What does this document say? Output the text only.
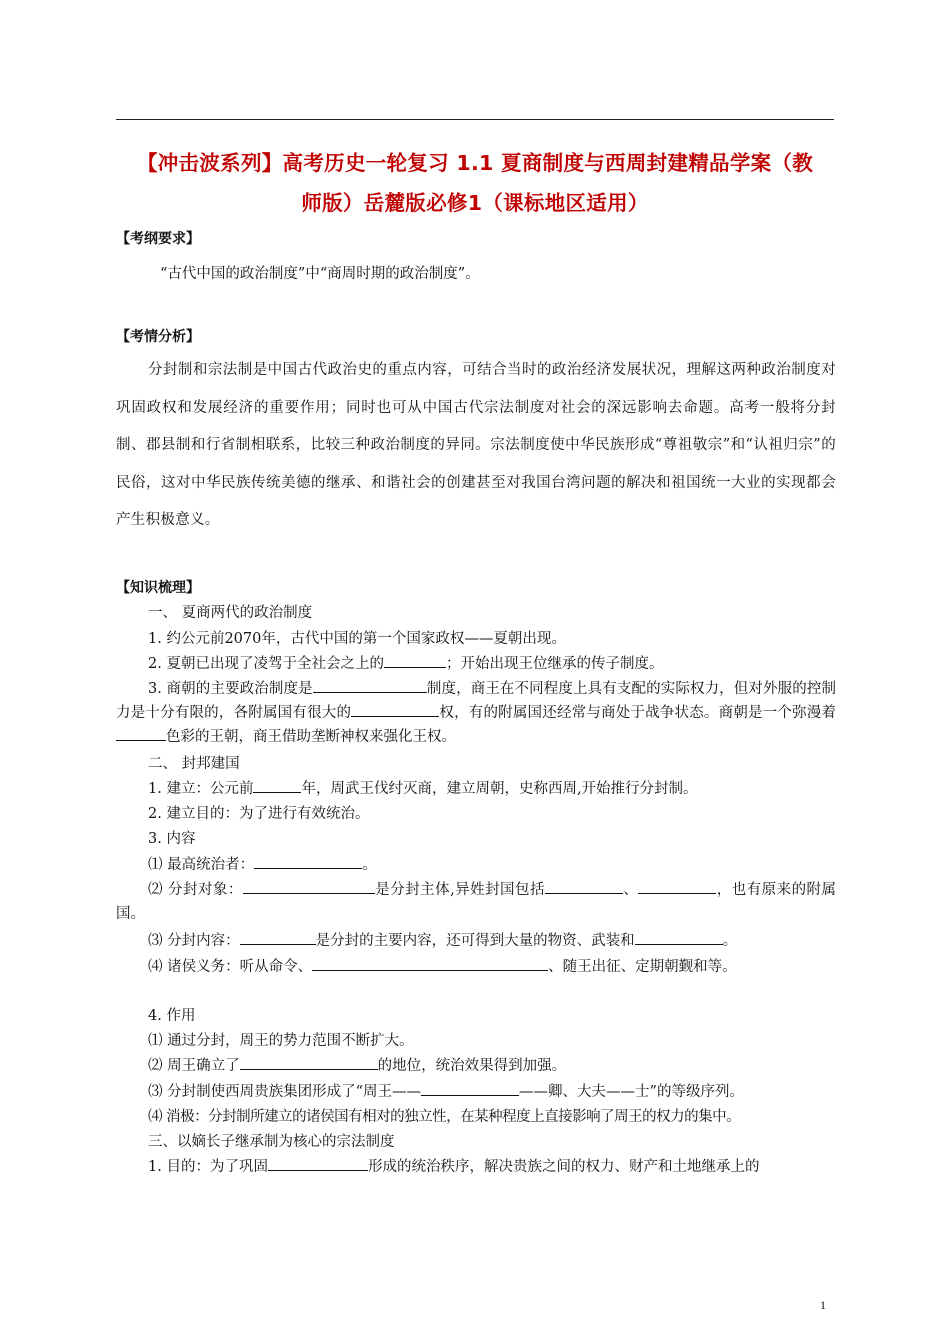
【冲击波系列】高考历史一轮复习 1.1 夏商制度与西周封建精品学案（教
师版）岳麓版必修1（课标地区适用）
【考纲要求】
“古代中国的政治制度”中“商周时期的政治制度”。
【考情分析】
分封制和宗法制是中国古代政治史的重点内容，可结合当时的政治经济发展状况，理解这两种政治制度对巩固政权和发展经济的重要作用；同时也可从中国古代宗法制度对社会的深远影响去命题。高考一般将分封制、郡县制和行省制相联系，比较三种政治制度的异同。宗法制度使中华民族形成“尊祖敬宗”和“认祖归宗”的民俗，这对中华民族传统美德的继承、和谐社会的创建甚至对我国台湾问题的解决和祖国统一大业的实现都会产生积极意义。
【知识梳理】
一、 夏商两代的政治制度
1. 约公元前2070年，古代中国的第一个国家政权——夏朝出现。
2. 夏朝已出现了凌驾于全社会之上的	；开始出现王位继承的传子制度。
3. 商朝的主要政治制度是	制度，商王在不同程度上具有支配的实际权力，但对外服的控制力是十分有限的，各附属国有很大的	权，有的附属国还经常与商处于战争状态。商朝是一个弥漫着色彩的王朝，商王借助垄断神权来强化王权。
二、 封邦建国
1. 建立：公元前	年，周武王伐纣灭商，建立周朝，史称西周,开始推行分封制。
2. 建立目的：为了进行有效统治。
3. 内容
⑴ 最高统治者：	。
⑵ 分封对象：	是分封主体,异姓封国包括	、	，也有原来的附属国。
⑶ 分封内容：	是分封的主要内容，还可得到大量的物资、武装和	。
⑷ 诸侯义务：听从命令、	、随王出征、定期朝觐和等。
4. 作用
⑴ 通过分封，周王的势力范围不断扩大。
⑵ 周王确立了	的地位，统治效果得到加强。
⑶ 分封制使西周贵族集团形成了“周王——	——卿、大夫——士”的等级序列。
⑷ 消极：分封制所建立的诸侯国有相对的独立性，在某种程度上直接影响了周王的权力的集中。
三、以嫡长子继承制为核心的宗法制度
1. 目的：为了巩固	形成的统治秩序，解决贵族之间的权力、财产和土地继承上的
1
